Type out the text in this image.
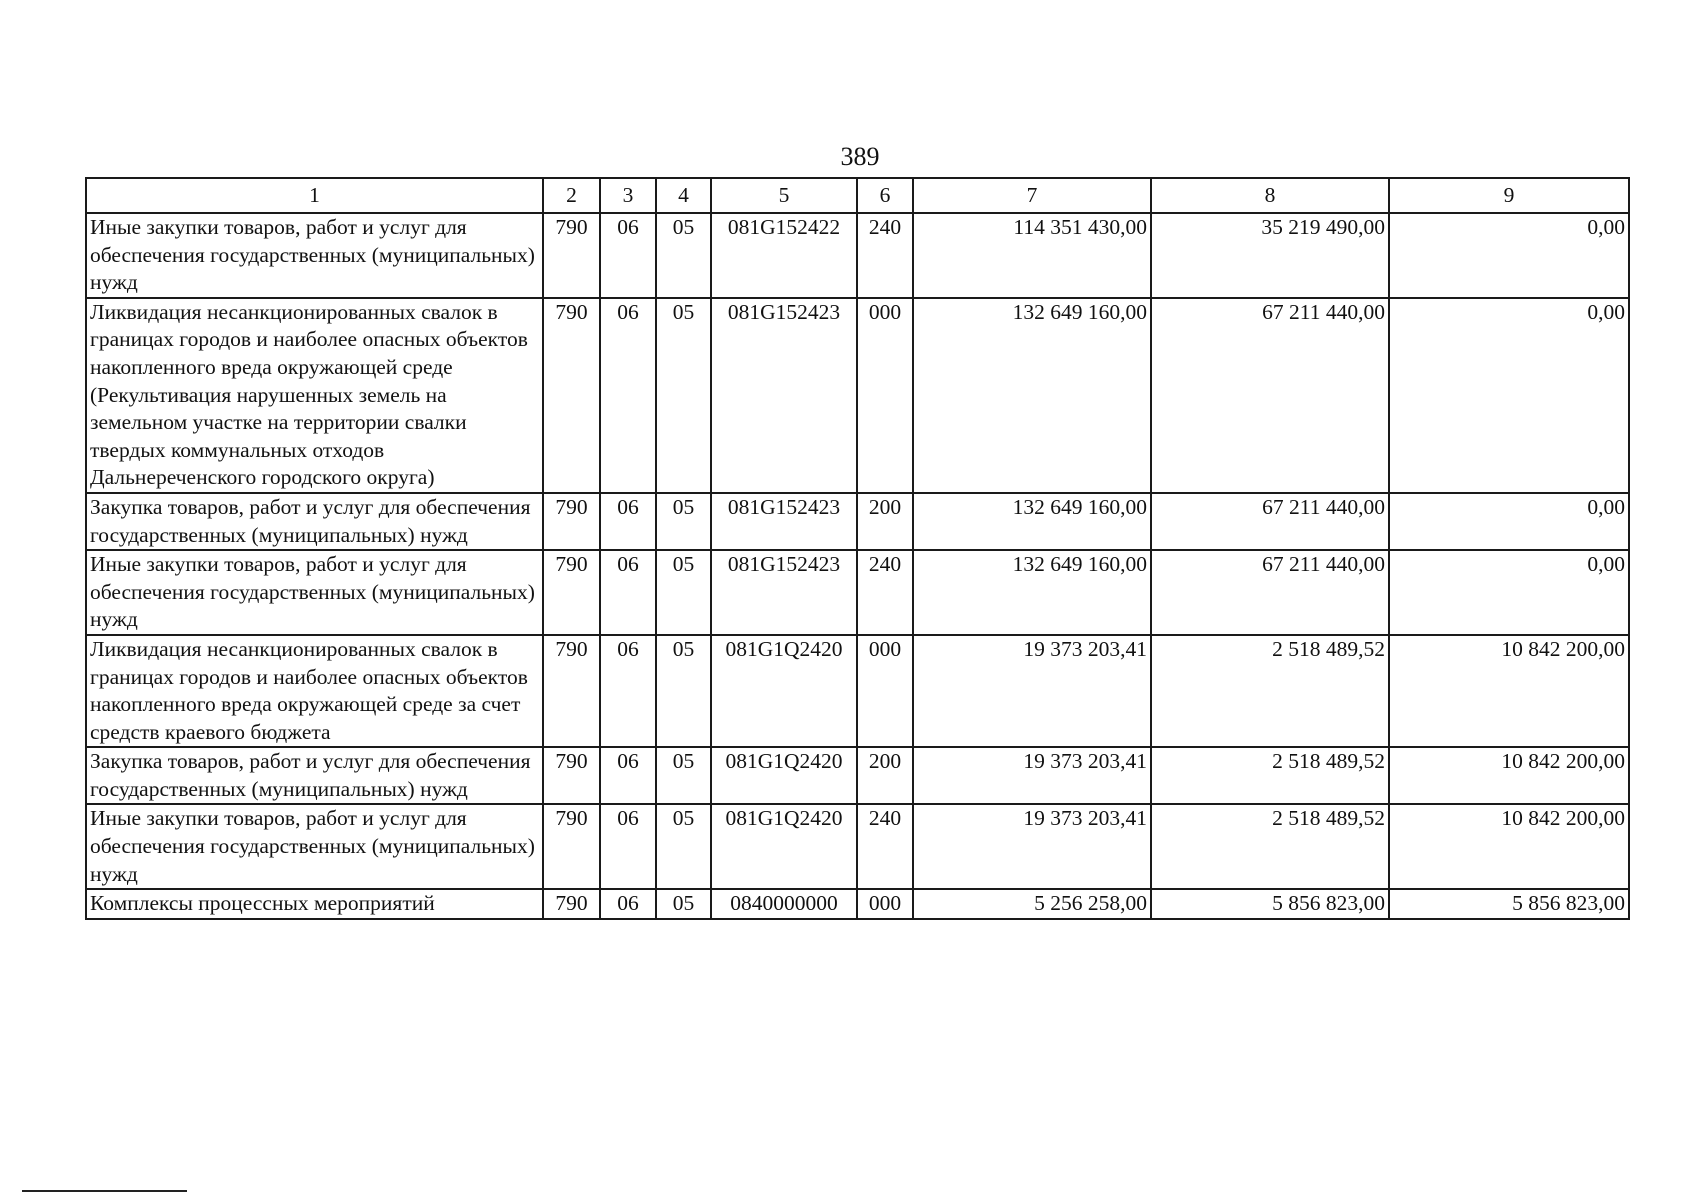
389
1	2	3	4	5	6	7	8	9
Иные закупки товаров, работ и услуг для обеспечения государственных (муниципальных) нужд	790	06	05	081G152422	240	114 351 430,00	35 219 490,00	0,00
Ликвидация несанкционированных свалок в границах городов и наиболее опасных объектов накопленного вреда окружающей среде (Рекультивация нарушенных земель на земельном участке на территории свалки твердых коммунальных отходов Дальнереченского городского округа)	790	06	05	081G152423	000	132 649 160,00	67 211 440,00	0,00
Закупка товаров, работ и услуг для обеспечения государственных (муниципальных) нужд	790	06	05	081G152423	200	132 649 160,00	67 211 440,00	0,00
Иные закупки товаров, работ и услуг для обеспечения государственных (муниципальных) нужд	790	06	05	081G152423	240	132 649 160,00	67 211 440,00	0,00
Ликвидация несанкционированных свалок в границах городов и наиболее опасных объектов накопленного вреда окружающей среде за счет средств краевого бюджета	790	06	05	081G1Q2420	000	19 373 203,41	2 518 489,52	10 842 200,00
Закупка товаров, работ и услуг для обеспечения государственных (муниципальных) нужд	790	06	05	081G1Q2420	200	19 373 203,41	2 518 489,52	10 842 200,00
Иные закупки товаров, работ и услуг для обеспечения государственных (муниципальных) нужд	790	06	05	081G1Q2420	240	19 373 203,41	2 518 489,52	10 842 200,00
Комплексы процессных мероприятий	790	06	05	0840000000	000	5 256 258,00	5 856 823,00	5 856 823,00
